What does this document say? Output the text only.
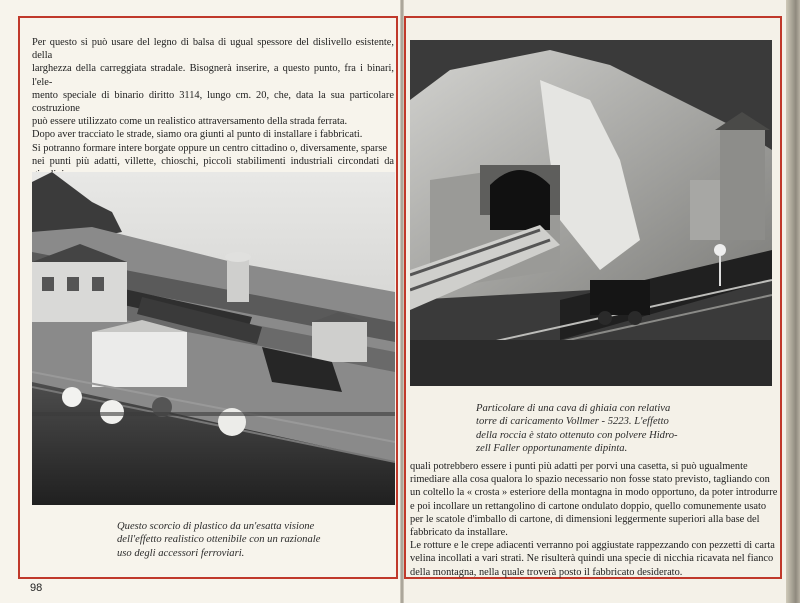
Per questo si può usare del legno di balsa di ugual spessore del dislivello esistente, della

larghezza della carreggiata stradale. Bisognerà inserire, a questo punto, fra i binari, l'ele-

mento speciale di binario diritto 3114, lungo cm. 20, che, data la sua particolare costruzione

può essere utilizzato come un realistico attraversamento della strada ferrata.

Dopo aver tracciato le strade, siamo ora giunti al punto di installare i fabbricati.

Si potranno formare intere borgate oppure un centro cittadino o, diversamente, sparse

nei punti più adatti, villette, chioschi, piccoli stabilimenti industriali circondati da

Questo scorcio di plastico da un'esatta visione
dell'effetto realistico ottenibile con un razionale
uso degli accessori ferroviari.

98

Particolare di una cava di ghiaia con relativa
torre di caricamento Vollmer - 5223. L'effetto
della roccia è stato ottenuto con polvere Hidro-
zell Faller opportunamente dipinta.

quali potrebbero essere i punti più adatti per porvi una casetta, si può ugualmente

rimediare alla cosa qualora lo spazio necessario non fosse stato previsto, tagliando con

un coltello la « crosta » esteriore della montagna in modo opportuno, da poter introdurre

e poi incollare un rettangolino di cartone ondulato doppio, quello comunemente usato

per le scatole d'imballo di cartone, di dimensioni leggermente superiori alla base del

fabbricato da installare.

Le rotture e le crepe adiacenti verranno poi aggiustate rappezzando con pezzetti di carta

velina incollati a vari strati. Ne risulterà quindi una specie di nicchia ricavata nel fianco

della montagna, nella quale troverà posto il fabbricato desiderato.
